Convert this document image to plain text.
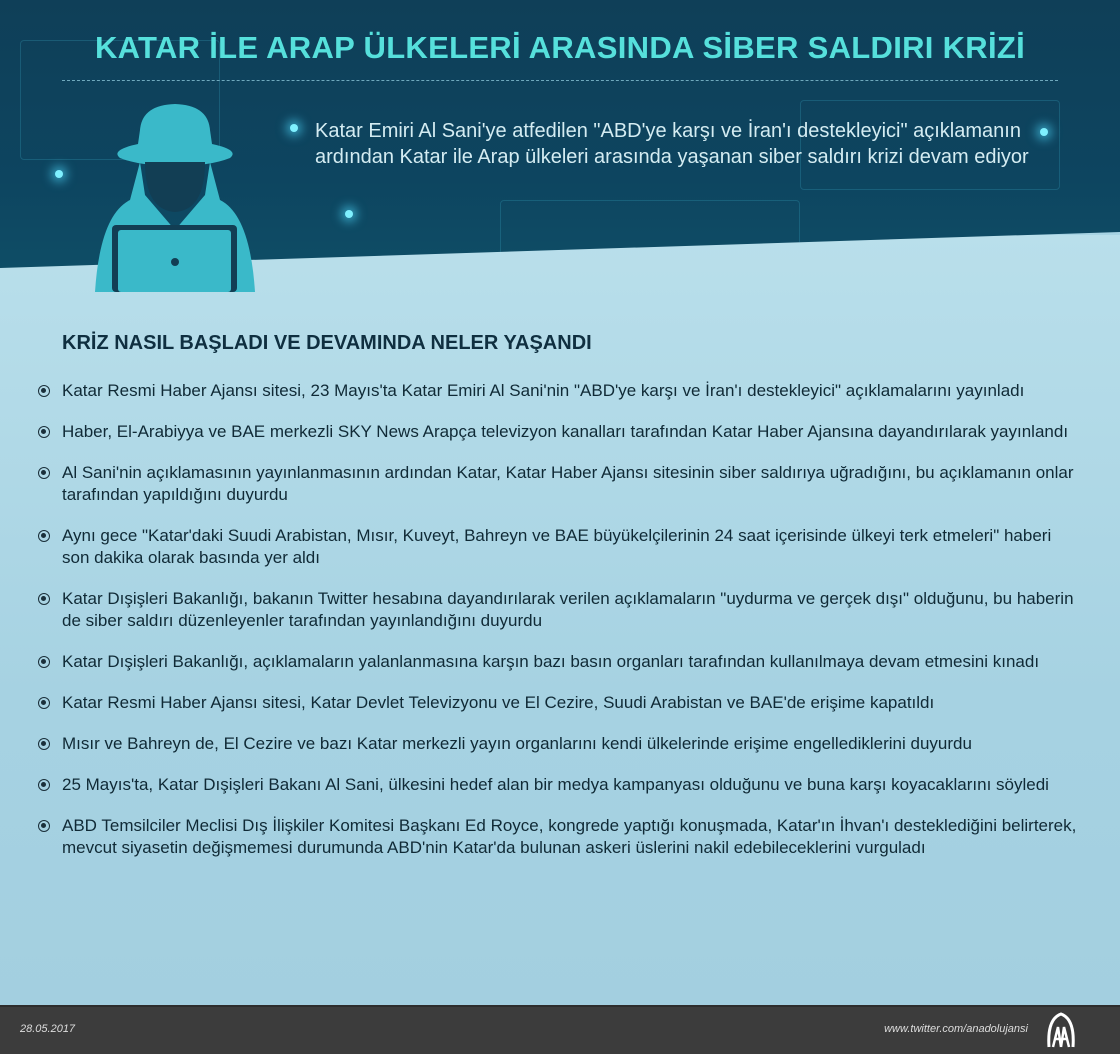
KATAR İLE ARAP ÜLKELERİ ARASINDA SİBER SALDIRI KRİZİ
Katar Emiri Al Sani'ye atfedilen "ABD'ye karşı ve İran'ı destekleyici" açıklamanın ardından Katar ile Arap ülkeleri arasında yaşanan siber saldırı krizi devam ediyor
KRİZ NASIL BAŞLADI VE DEVAMINDA NELER YAŞANDI
Katar Resmi Haber Ajansı sitesi, 23 Mayıs'ta Katar Emiri Al Sani'nin "ABD'ye karşı ve İran'ı destekleyici" açıklamalarını yayınladı
Haber, El-Arabiyya ve BAE merkezli SKY News Arapça televizyon kanalları tarafından Katar Haber Ajansına dayandırılarak yayınlandı
Al Sani'nin açıklamasının yayınlanmasının ardından Katar, Katar Haber Ajansı sitesinin siber saldırıya uğradığını, bu açıklamanın onlar tarafından yapıldığını duyurdu
Aynı gece "Katar'daki Suudi Arabistan, Mısır, Kuveyt, Bahreyn ve BAE büyükelçilerinin 24 saat içerisinde ülkeyi terk etmeleri" haberi son dakika olarak basında yer aldı
Katar Dışişleri Bakanlığı, bakanın Twitter hesabına dayandırılarak verilen açıklamaların "uydurma ve gerçek dışı" olduğunu, bu haberin de siber saldırı düzenleyenler tarafından yayınlandığını duyurdu
Katar Dışişleri Bakanlığı, açıklamaların yalanlanmasına karşın bazı basın organları tarafından kullanılmaya devam etmesini kınadı
Katar Resmi Haber Ajansı sitesi, Katar Devlet Televizyonu ve El Cezire, Suudi Arabistan ve BAE'de erişime kapatıldı
Mısır ve Bahreyn de, El Cezire ve bazı Katar merkezli yayın organlarını kendi ülkelerinde erişime engellediklerini duyurdu
25 Mayıs'ta, Katar Dışişleri Bakanı Al Sani, ülkesini hedef alan bir medya kampanyası olduğunu ve buna karşı koyacaklarını söyledi
ABD Temsilciler Meclisi Dış İlişkiler Komitesi Başkanı Ed Royce, kongrede yaptığı konuşmada, Katar'ın İhvan'ı desteklediğini belirterek, mevcut siyasetin değişmemesi durumunda ABD'nin Katar'da bulunan askeri üslerini nakil edebileceklerini vurguladı
28.05.2017	www.twitter.com/anadolujansi
